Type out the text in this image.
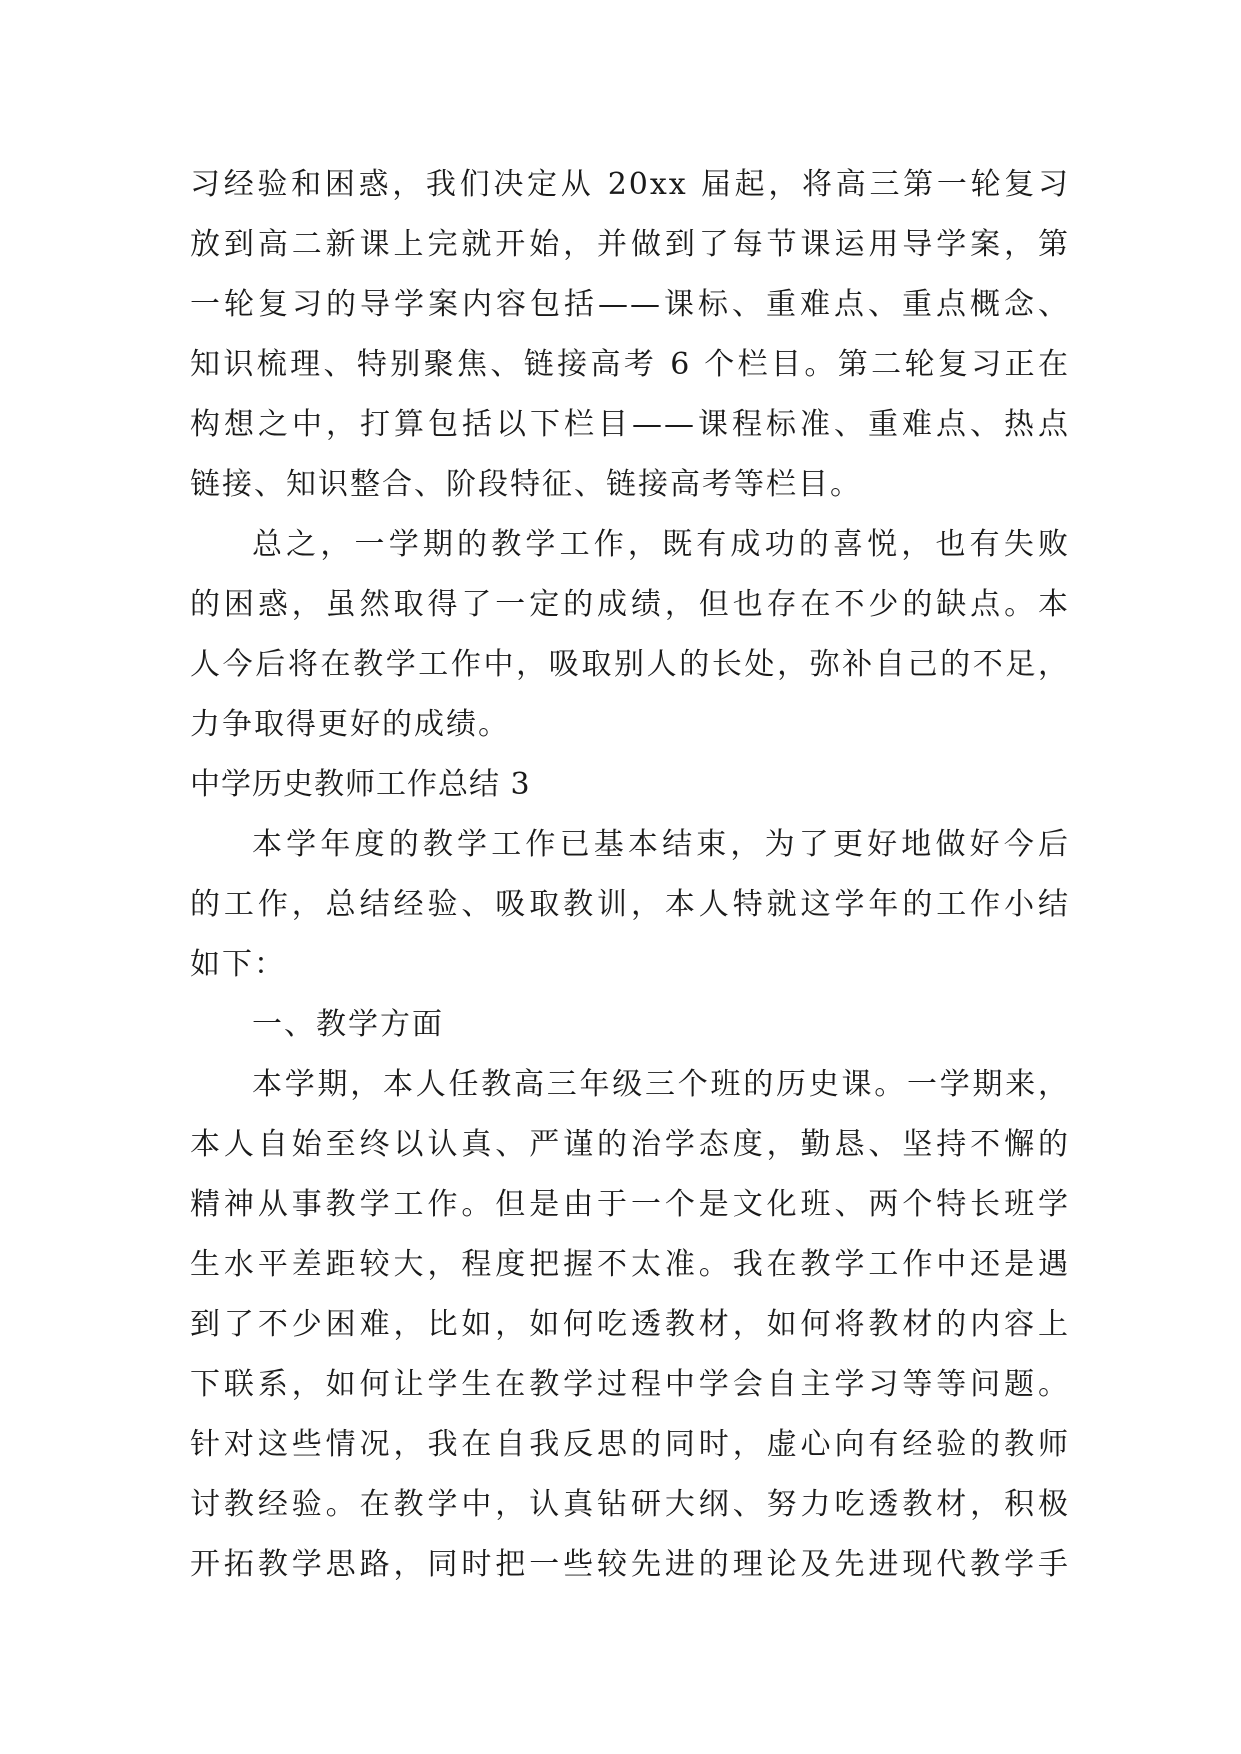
习经验和困惑，我们决定从 20xx 届起，将高三第一轮复习
放到高二新课上完就开始，并做到了每节课运用导学案，第
一轮复习的导学案内容包括——课标、重难点、重点概念、
知识梳理、特别聚焦、链接高考 6 个栏目。第二轮复习正在
构想之中，打算包括以下栏目——课程标准、重难点、热点
链接、知识整合、阶段特征、链接高考等栏目。
总之，一学期的教学工作，既有成功的喜悦，也有失败
的困惑，虽然取得了一定的成绩，但也存在不少的缺点。本
人今后将在教学工作中，吸取别人的长处，弥补自己的不足，
力争取得更好的成绩。
中学历史教师工作总结 3
本学年度的教学工作已基本结束，为了更好地做好今后
的工作，总结经验、吸取教训，本人特就这学年的工作小结
如下：
一、教学方面
本学期，本人任教高三年级三个班的历史课。一学期来，
本人自始至终以认真、严谨的治学态度，勤恳、坚持不懈的
精神从事教学工作。但是由于一个是文化班、两个特长班学
生水平差距较大，程度把握不太准。我在教学工作中还是遇
到了不少困难，比如，如何吃透教材，如何将教材的内容上
下联系，如何让学生在教学过程中学会自主学习等等问题。
针对这些情况，我在自我反思的同时，虚心向有经验的教师
讨教经验。在教学中，认真钻研大纲、努力吃透教材，积极
开拓教学思路，同时把一些较先进的理论及先进现代教学手
